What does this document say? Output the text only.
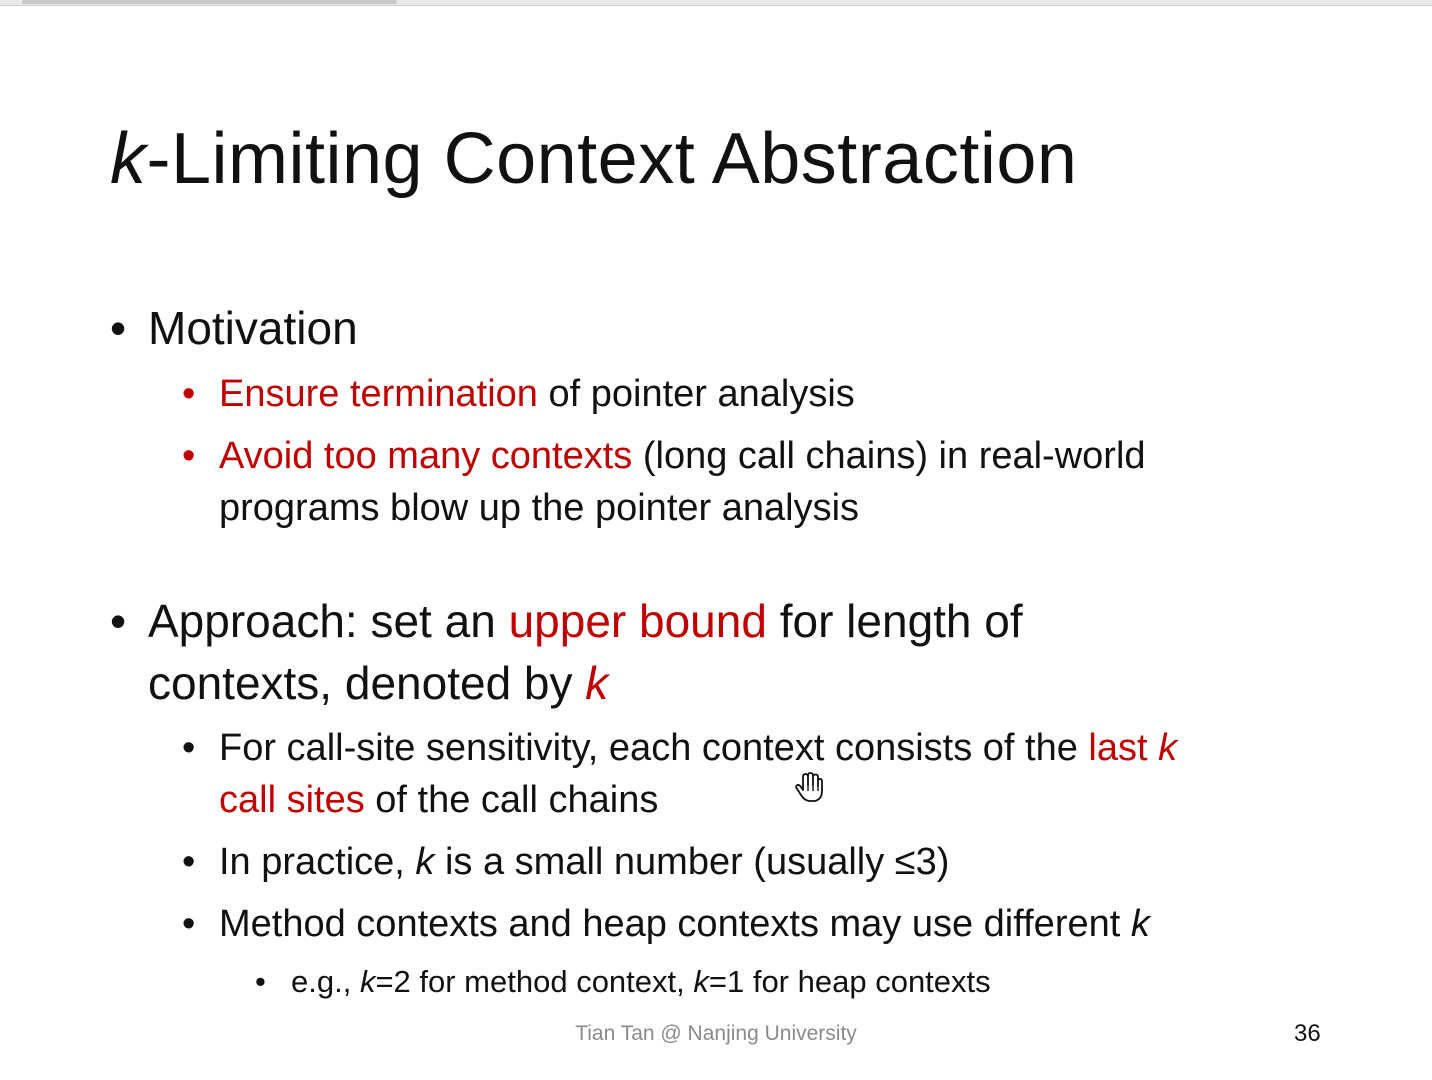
k-Limiting Context Abstraction
• Motivation
• Ensure termination of pointer analysis
• Avoid too many contexts (long call chains) in real-world
programs blow up the pointer analysis
• Approach: set an upper bound for length of
contexts, denoted by k
• For call-site sensitivity, each context consists of the last k
call sites of the call chains
• In practice, k is a small number (usually ≤3)
• Method contexts and heap contexts may use different k
• e.g., k=2 for method context, k=1 for heap contexts
Tian Tan @ Nanjing University	36
